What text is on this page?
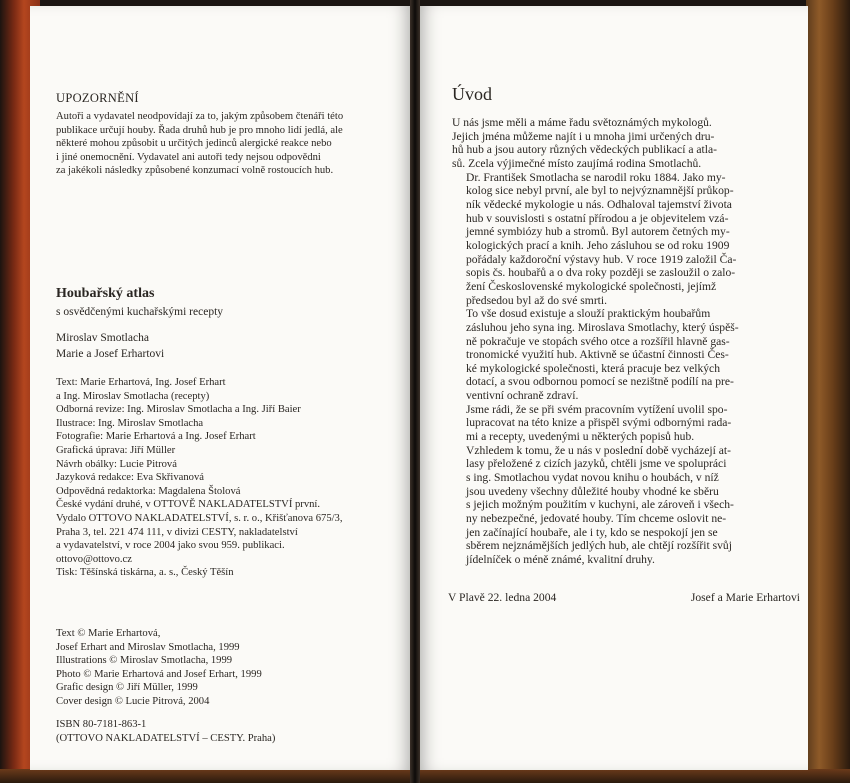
UPOZORNĚNÍ
Autoři a vydavatel neodpovídají za to, jakým způsobem čtenáři této
publikace určují houby. Řada druhů hub je pro mnoho lidí jedlá, ale
některé mohou způsobit u určitých jedinců alergické reakce nebo
i jiné onemocnění. Vydavatel ani autoři tedy nejsou odpovědni
za jakékoli následky způsobené konzumací volně rostoucích hub.
Houbařský atlas
s osvědčenými kuchařskými recepty
Miroslav Smotlacha
Marie a Josef Erhartovi
Text: Marie Erhartová, Ing. Josef Erhart
a Ing. Miroslav Smotlacha (recepty)
Odborná revize: Ing. Miroslav Smotlacha a Ing. Jiří Baier
Ilustrace: Ing. Miroslav Smotlacha
Fotografie: Marie Erhartová a Ing. Josef Erhart
Grafická úprava: Jiří Müller
Návrh obálky: Lucie Pitrová
Jazyková redakce: Eva Skřivanová
Odpovědná redaktorka: Magdalena Štolová
České vydání druhé, v OTTOVĚ NAKLADATELSTVÍ první.
Vydalo OTTOVO NAKLADATELSTVÍ, s. r. o., Křišťanova 675/3,
Praha 3, tel. 221 474 111, v divizi CESTY, nakladatelství
a vydavatelství, v roce 2004 jako svou 959. publikaci.
ottovo@ottovo.cz
Tisk: Těšínská tiskárna, a. s., Český Těšín
Text © Marie Erhartová,
Josef Erhart and Miroslav Smotlacha, 1999
Illustrations © Miroslav Smotlacha, 1999
Photo © Marie Erhartová and Josef Erhart, 1999
Grafic design © Jiří Müller, 1999
Cover design © Lucie Pitrová, 2004
ISBN 80-7181-863-1
(OTTOVO NAKLADATELSTVÍ – CESTY. Praha)
Úvod

U nás jsme měli a máme řadu světoznámých mykologů.
Jejich jména můžeme najít i u mnoha jimi určených dru-
hů hub a jsou autory různých vědeckých publikací a atla-
sů. Zcela výjimečné místo zaujímá rodina Smotlachů.

Dr. František Smotlacha se narodil roku 1884. Jako my-
kolog sice nebyl první, ale byl to nejvýznamnější průkop-
ník vědecké mykologie u nás. Odhaloval tajemství života
hub v souvislosti s ostatní přírodou a je objevitelem vzá-
jemné symbiózy hub a stromů. Byl autorem četných my-
kologických prací a knih. Jeho zásluhou se od roku 1909
pořádaly každoroční výstavy hub. V roce 1919 založil Ča-
sopis čs. houbařů a o dva roky později se zasloužil o zalo-
žení Československé mykologické společnosti, jejímž
předsedou byl až do své smrti.

To vše dosud existuje a slouží praktickým houbařům
zásluhou jeho syna ing. Miroslava Smotlachy, který úspěš-
ně pokračuje ve stopách svého otce a rozšířil hlavně gas-
tronomické využití hub. Aktivně se účastní činnosti Čes-
ké mykologické společnosti, která pracuje bez velkých
dotací, a svou odbornou pomocí se nezištně podílí na pre-
ventivní ochraně zdraví.

Jsme rádi, že se při svém pracovním vytížení uvolil spo-
lupracovat na této knize a přispěl svými odbornými rada-
mi a recepty, uvedenými u některých popisů hub.
Vzhledem k tomu, že u nás v poslední době vycházejí at-
lasy přeložené z cizích jazyků, chtěli jsme ve spolupráci
s ing. Smotlachou vydat novou knihu o houbách, v níž
jsou uvedeny všechny důležité houby vhodné ke sběru
s jejich možným použitím v kuchyni, ale zároveň i všech-
ny nebezpečné, jedovaté houby. Tím chceme oslovit ne-
jen začínající houbaře, ale i ty, kdo se nespokojí jen se
sběrem nejznámějších jedlých hub, ale chtějí rozšířit svůj
jídelníček o méně známé, kvalitní druhy.

V Plavě 22. ledna 2004	Josef a Marie Erhartovi
